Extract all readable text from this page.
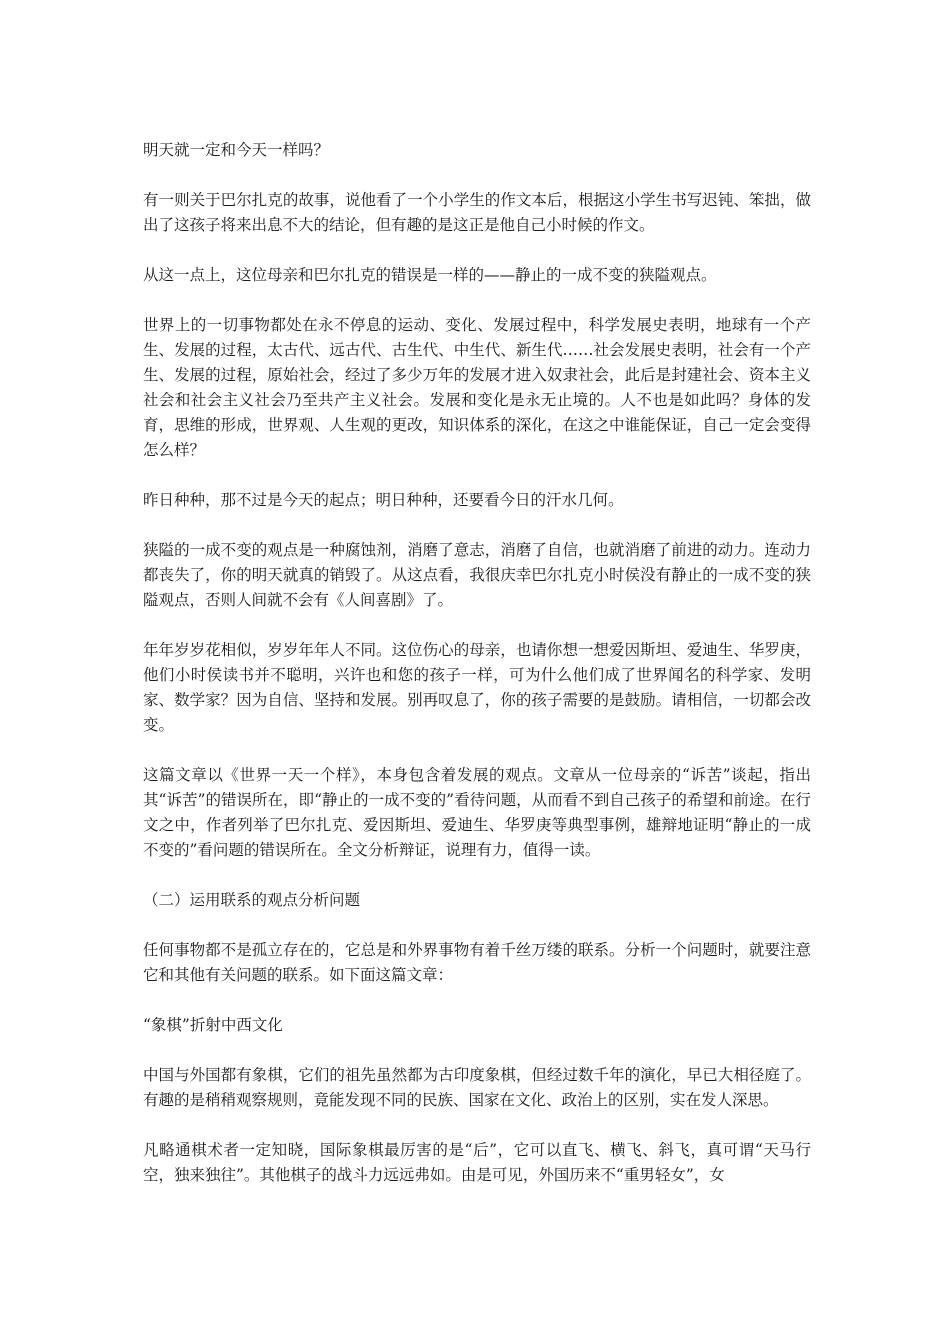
明天就一定和今天一样吗？

有一则关于巴尔扎克的故事，说他看了一个小学生的作文本后，根据这小学生书写迟钝、笨拙，做出了这孩子将来出息不大的结论，但有趣的是这正是他自己小时候的作文。

从这一点上，这位母亲和巴尔扎克的错误是一样的——静止的一成不变的狭隘观点。

世界上的一切事物都处在永不停息的运动、变化、发展过程中，科学发展史表明，地球有一个产生、发展的过程，太古代、远古代、古生代、中生代、新生代……社会发展史表明，社会有一个产生、发展的过程，原始社会，经过了多少万年的发展才进入奴隶社会，此后是封建社会、资本主义社会和社会主义社会乃至共产主义社会。发展和变化是永无止境的。人不也是如此吗？身体的发育，思维的形成，世界观、人生观的更改，知识体系的深化，在这之中谁能保证，自己一定会变得怎么样？

昨日种种，那不过是今天的起点；明日种种，还要看今日的汗水几何。

狭隘的一成不变的观点是一种腐蚀剂，消磨了意志，消磨了自信，也就消磨了前进的动力。连动力都丧失了，你的明天就真的销毁了。从这点看，我很庆幸巴尔扎克小时侯没有静止的一成不变的狭隘观点，否则人间就不会有《人间喜剧》了。

年年岁岁花相似，岁岁年年人不同。这位伤心的母亲，也请你想一想爱因斯坦、爱迪生、华罗庚，他们小时侯读书并不聪明，兴许也和您的孩子一样，可为什么他们成了世界闻名的科学家、发明家、数学家？因为自信、坚持和发展。别再叹息了，你的孩子需要的是鼓励。请相信，一切都会改变。

这篇文章以《世界一天一个样》，本身包含着发展的观点。文章从一位母亲的“诉苦”谈起，指出其“诉苦”的错误所在，即“静止的一成不变的”看待问题，从而看不到自己孩子的希望和前途。在行文之中，作者列举了巴尔扎克、爱因斯坦、爱迪生、华罗庚等典型事例，雄辩地证明“静止的一成不变的”看问题的错误所在。全文分析辩证，说理有力，值得一读。

（二）运用联系的观点分析问题

任何事物都不是孤立存在的，它总是和外界事物有着千丝万缕的联系。分析一个问题时，就要注意它和其他有关问题的联系。如下面这篇文章：

“象棋”折射中西文化

中国与外国都有象棋，它们的祖先虽然都为古印度象棋，但经过数千年的演化，早已大相径庭了。有趣的是稍稍观察规则，竟能发现不同的民族、国家在文化、政治上的区别，实在发人深思。

凡略通棋术者一定知晓，国际象棋最厉害的是“后”，它可以直飞、横飞、斜飞，真可谓“天马行空，独来独往”。其他棋子的战斗力远远弗如。由是可见，外国历来不“重男轻女”，女
